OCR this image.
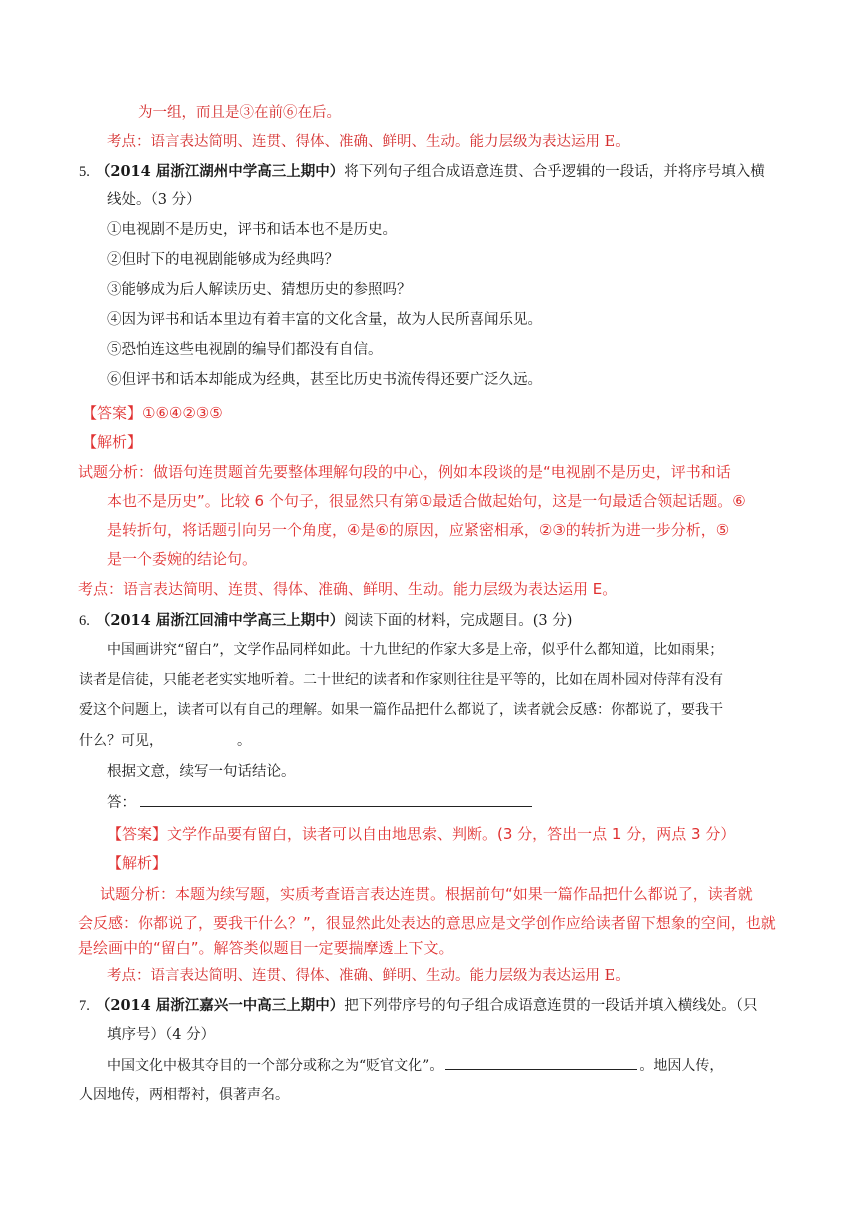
为一组，而且是③在前⑥在后。
考点：语言表达简明、连贯、得体、准确、鲜明、生动。能力层级为表达运用 E。
5. （2014 届浙江湖州中学高三上期中）将下列句子组合成语意连贯、合乎逻辑的一段话，并将序号填入横
线处。（3 分）
①电视剧不是历史，评书和话本也不是历史。
②但时下的电视剧能够成为经典吗？
③能够成为后人解读历史、猜想历史的参照吗？
④因为评书和话本里边有着丰富的文化含量，故为人民所喜闻乐见。
⑤恐怕连这些电视剧的编导们都没有自信。
⑥但评书和话本却能成为经典，甚至比历史书流传得还要广泛久远。
【答案】①⑥④②③⑤
【解析】
试题分析：做语句连贯题首先要整体理解句段的中心，例如本段谈的是“电视剧不是历史，评书和话
本也不是历史”。比较 6 个句子，很显然只有第①最适合做起始句，这是一句最适合领起话题。⑥
是转折句，将话题引向另一个角度，④是⑥的原因，应紧密相承，②③的转折为进一步分析，⑤
是一个委婉的结论句。
考点：语言表达简明、连贯、得体、准确、鲜明、生动。能力层级为表达运用 E。
6. （2014 届浙江回浦中学高三上期中）阅读下面的材料，完成题目。(3 分)
中国画讲究“留白”，文学作品同样如此。十九世纪的作家大多是上帝，似乎什么都知道，比如雨果；
读者是信徒，只能老老实实地听着。二十世纪的读者和作家则往往是平等的，比如在周朴园对侍萍有没有
爱这个问题上，读者可以有自己的理解。如果一篇作品把什么都说了，读者就会反感：你都说了，要我干
什么？可见，	。
根据文意，续写一句话结论。
答：
【答案】文学作品要有留白，读者可以自由地思索、判断。(3 分，答出一点 1 分，两点 3 分）
【解析】
试题分析：本题为续写题，实质考查语言表达连贯。根据前句“如果一篇作品把什么都说了，读者就
会反感：你都说了，要我干什么？”，很显然此处表达的意思应是文学创作应给读者留下想象的空间，也就
是绘画中的“留白”。解答类似题目一定要揣摩透上下文。
考点：语言表达简明、连贯、得体、准确、鲜明、生动。能力层级为表达运用 E。
7. （2014 届浙江嘉兴一中高三上期中）把下列带序号的句子组合成语意连贯的一段话并填入横线处。（只
填序号）（4 分）
中国文化中极其夺目的一个部分或称之为“贬官文化”。	。地因人传，
人因地传，两相帮衬，俱著声名。
